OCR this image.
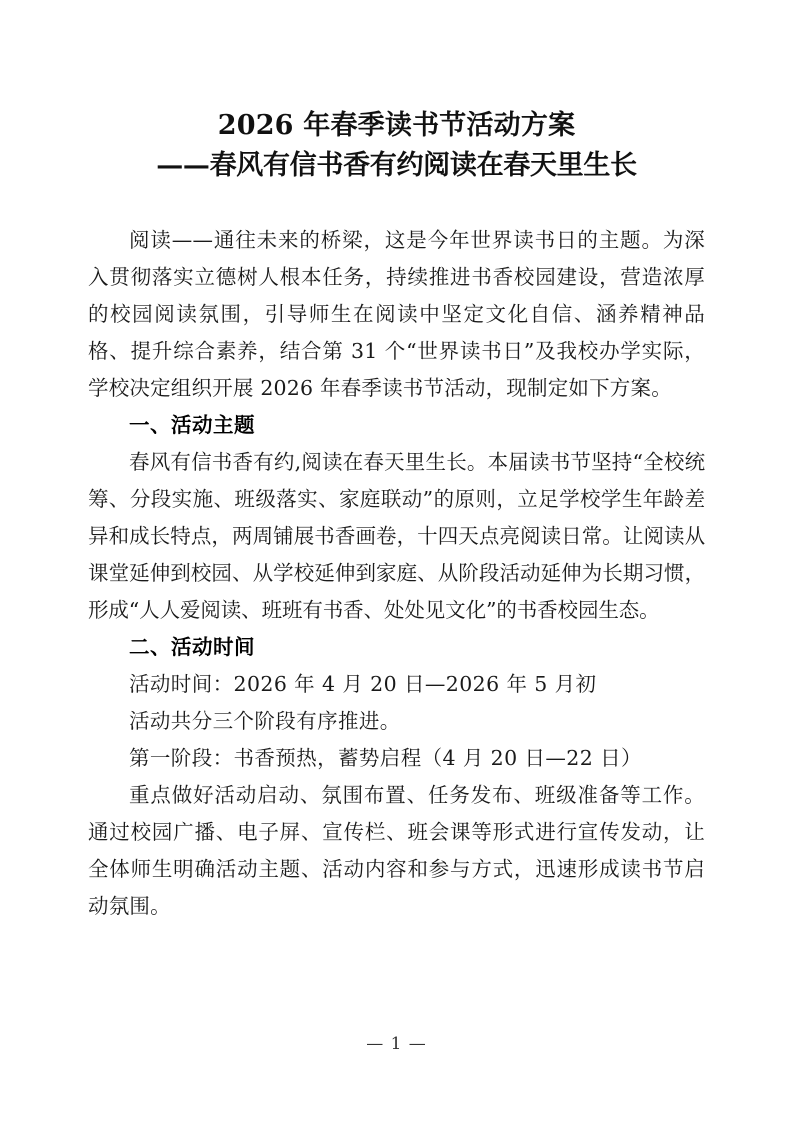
2026 年春季读书节活动方案
——春风有信书香有约阅读在春天里生长

阅读——通往未来的桥梁，这是今年世界读书日的主题。为深入贯彻落实立德树人根本任务，持续推进书香校园建设，营造浓厚的校园阅读氛围，引导师生在阅读中坚定文化自信、涵养精神品格、提升综合素养，结合第 31 个“世界读书日”及我校办学实际，学校决定组织开展 2026 年春季读书节活动，现制定如下方案。

一、活动主题

春风有信书香有约,阅读在春天里生长。本届读书节坚持“全校统筹、分段实施、班级落实、家庭联动”的原则，立足学校学生年龄差异和成长特点，两周铺展书香画卷，十四天点亮阅读日常。让阅读从课堂延伸到校园、从学校延伸到家庭、从阶段活动延伸为长期习惯，形成“人人爱阅读、班班有书香、处处见文化”的书香校园生态。

二、活动时间

活动时间：2026 年 4 月 20 日—2026 年 5 月初

活动共分三个阶段有序推进。

第一阶段：书香预热，蓄势启程（4 月 20 日—22 日）

重点做好活动启动、氛围布置、任务发布、班级准备等工作。通过校园广播、电子屏、宣传栏、班会课等形式进行宣传发动，让全体师生明确活动主题、活动内容和参与方式，迅速形成读书节启动氛围。

— 1 —
